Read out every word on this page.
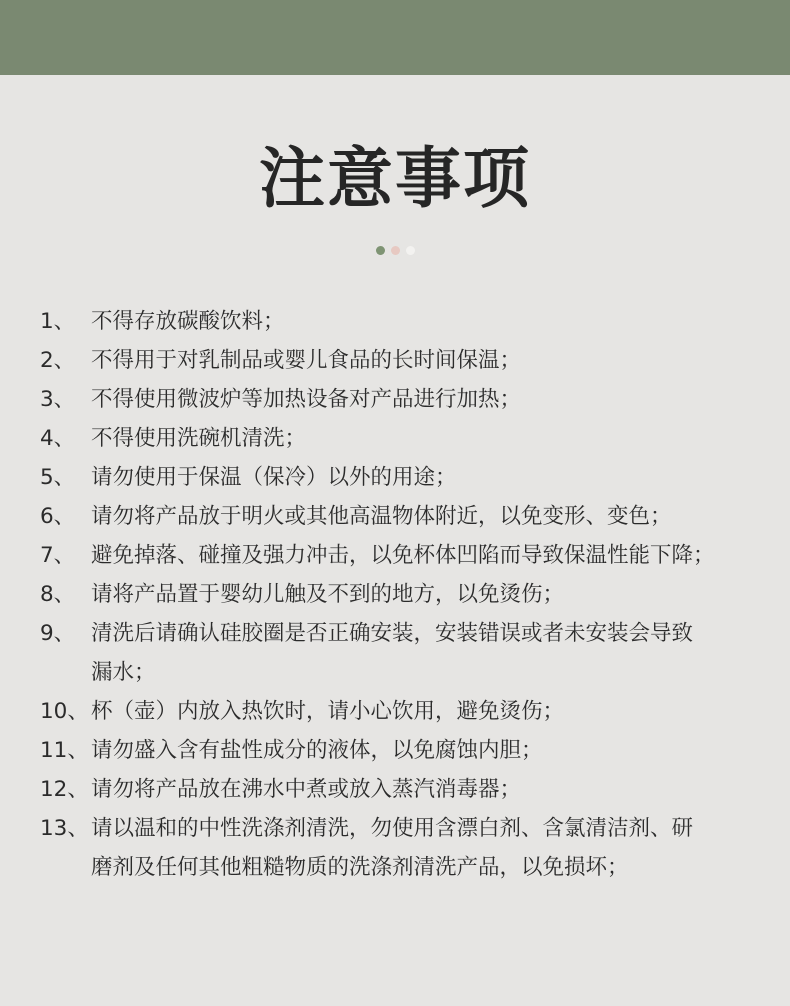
注意事项
1、 不得存放碳酸饮料；
2、 不得用于对乳制品或婴儿食品的长时间保温；
3、 不得使用微波炉等加热设备对产品进行加热；
4、 不得使用洗碗机清洗；
5、 请勿使用于保温（保冷）以外的用途；
6、 请勿将产品放于明火或其他高温物体附近，以免变形、变色；
7、 避免掉落、碰撞及强力冲击，以免杯体凹陷而导致保温性能下降；
8、 请将产品置于婴幼儿触及不到的地方，以免烫伤；
9、 清洗后请确认硅胶圈是否正确安装，安装错误或者未安装会导致
漏水；
10、 杯（壶）内放入热饮时，请小心饮用，避免烫伤；
11、 请勿盛入含有盐性成分的液体，以免腐蚀内胆；
12、 请勿将产品放在沸水中煮或放入蒸汽消毒器；
13、 请以温和的中性洗涤剂清洗，勿使用含漂白剂、含氯清洁剂、研
磨剂及任何其他粗糙物质的洗涤剂清洗产品，以免损坏；
